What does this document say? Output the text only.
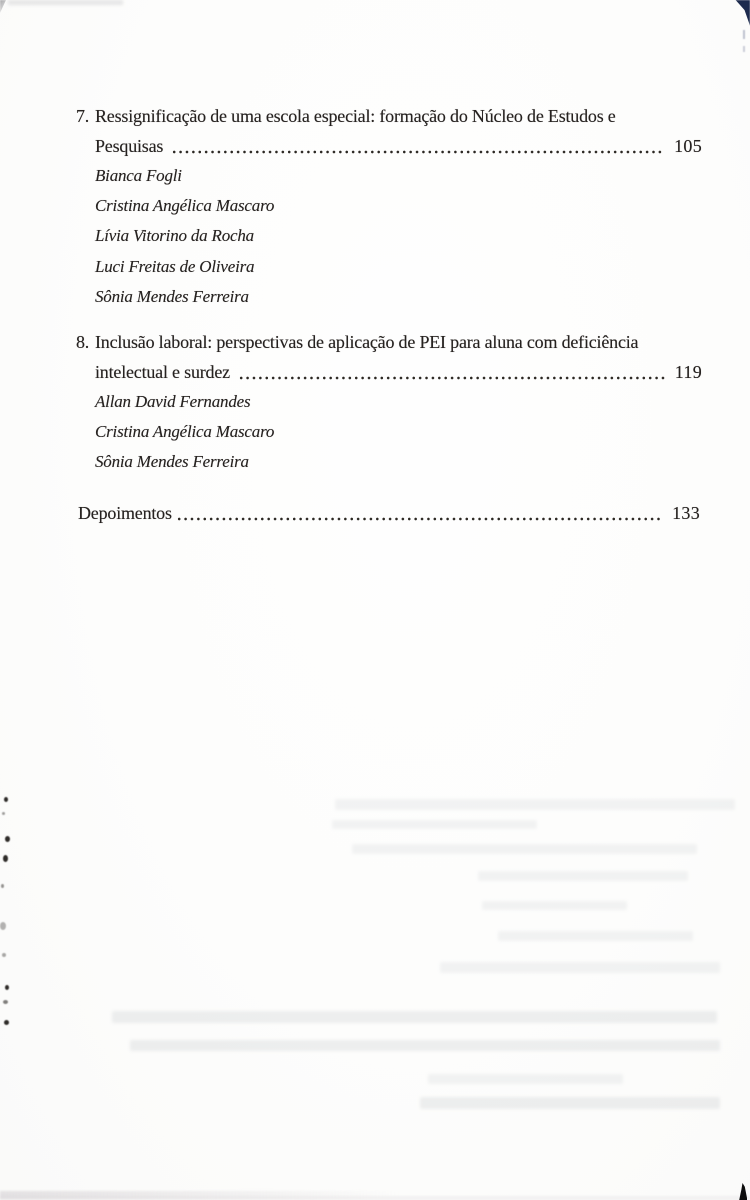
7. Ressignificação de uma escola especial: formação do Núcleo de Estudos e
Pesquisas	105
Bianca Fogli
Cristina Angélica Mascaro
Lívia Vitorino da Rocha
Luci Freitas de Oliveira
Sônia Mendes Ferreira
8. Inclusão laboral: perspectivas de aplicação de PEI para aluna com deficiência
intelectual e surdez	119
Allan David Fernandes
Cristina Angélica Mascaro
Sônia Mendes Ferreira
Depoimentos	133
